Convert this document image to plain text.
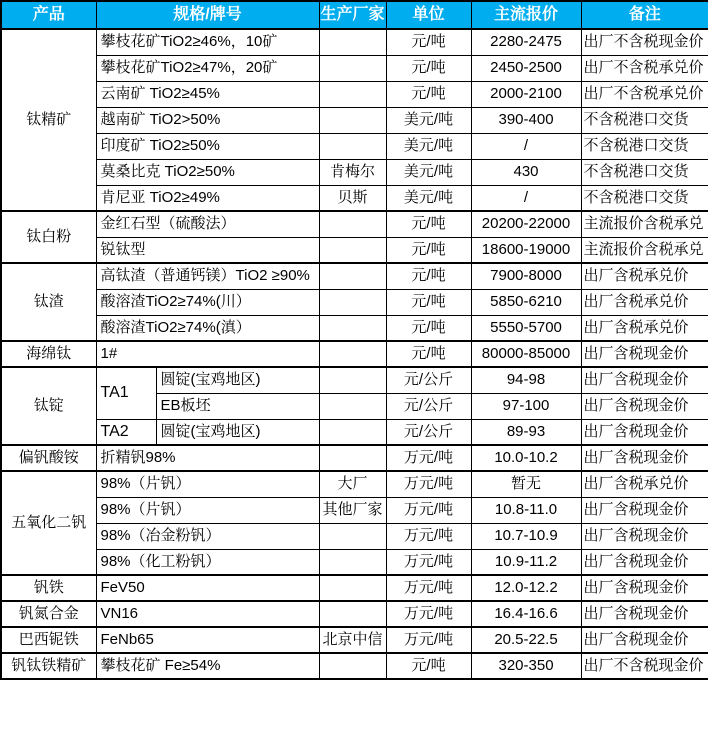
产品	规格/牌号		生产厂家	单位	主流报价	备注
钛精矿	攀枝花矿TiO2≥46%，10矿			元/吨	2280-2475	出厂不含税现金价
	攀枝花矿TiO2≥47%，20矿			元/吨	2450-2500	出厂不含税承兑价
	云南矿 TiO2≥45%			元/吨	2000-2100	出厂不含税承兑价
	越南矿 TiO2>50%			美元/吨	390-400	不含税港口交货
	印度矿 TiO2≥50%			美元/吨	/	不含税港口交货
	莫桑比克 TiO2≥50%		肯梅尔	美元/吨	430	不含税港口交货
	肯尼亚 TiO2≥49%		贝斯	美元/吨	/	不含税港口交货
钛白粉	金红石型（硫酸法）			元/吨	20200-22000	主流报价含税承兑
	锐钛型			元/吨	18600-19000	主流报价含税承兑
钛渣	高钛渣（普通钙镁）TiO2 ≥90%			元/吨	7900-8000	出厂含税承兑价
	酸溶渣TiO2≥74%(川）			元/吨	5850-6210	出厂含税承兑价
	酸溶渣TiO2≥74%(滇）			元/吨	5550-5700	出厂含税承兑价
海绵钛	1#			元/吨	80000-85000	出厂含税现金价
钛锭	TA1	圆锭(宝鸡地区)		元/公斤	94-98	出厂含税现金价
		EB板坯		元/公斤	97-100	出厂含税现金价
	TA2	圆锭(宝鸡地区)		元/公斤	89-93	出厂含税现金价
偏钒酸铵	折精钒98%			万元/吨	10.0-10.2	出厂含税现金价
五氧化二钒	98%（片钒）		大厂	万元/吨	暂无	出厂含税承兑价
	98%（片钒）		其他厂家	万元/吨	10.8-11.0	出厂含税现金价
	98%（冶金粉钒）			万元/吨	10.7-10.9	出厂含税现金价
	98%（化工粉钒）			万元/吨	10.9-11.2	出厂含税现金价
钒铁	FeV50			万元/吨	12.0-12.2	出厂含税现金价
钒氮合金	VN16			万元/吨	16.4-16.6	出厂含税现金价
巴西铌铁	FeNb65		北京中信	万元/吨	20.5-22.5	出厂含税现金价
钒钛铁精矿	攀枝花矿 Fe≥54%			元/吨	320-350	出厂不含税现金价
